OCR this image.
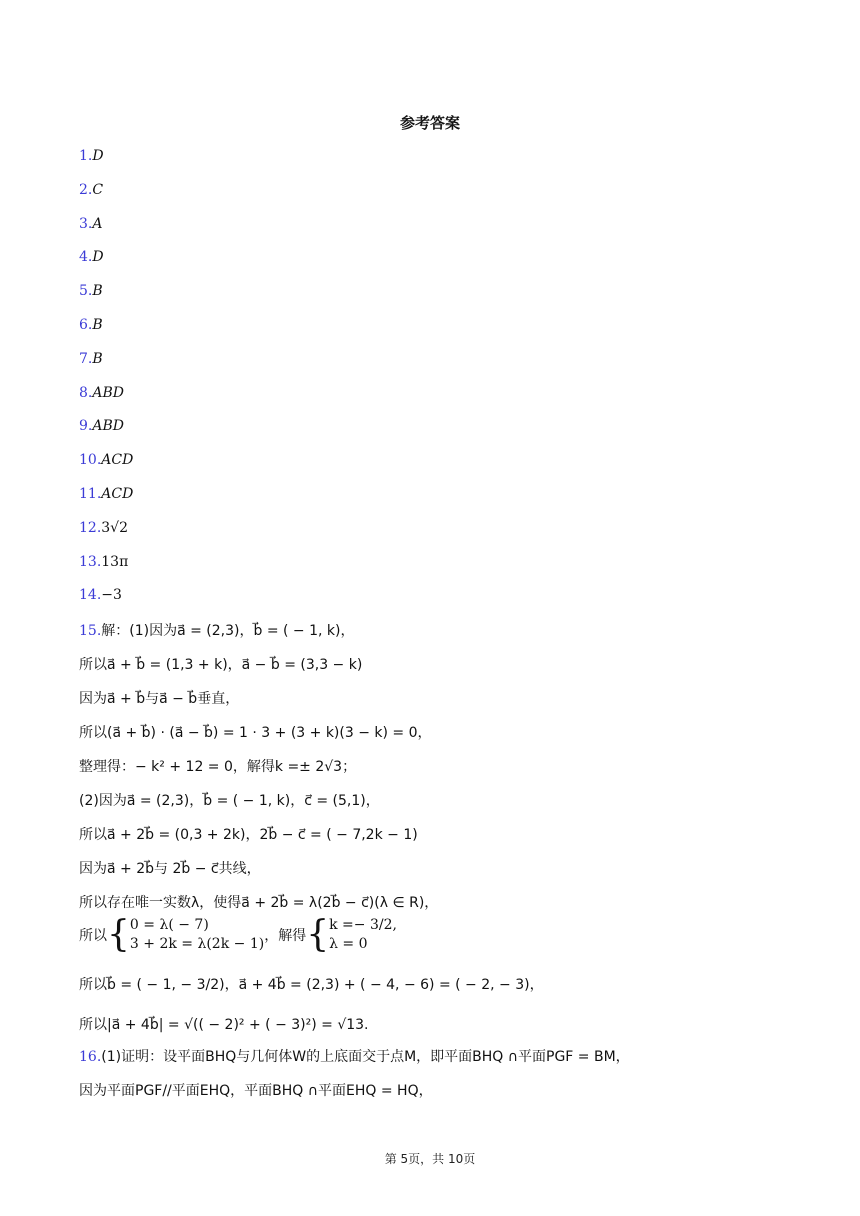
参考答案
1.D
2.C
3.A
4.D
5.B
6.B
7.B
8.ABD
9.ABD
10.ACD
11.ACD
12.3√2
13.13π
14.−3
15.解：(1)因为a⃗ = (2,3)，b⃗ = ( − 1, k)，
所以a⃗ + b⃗ = (1,3 + k)，a⃗ − b⃗ = (3,3 − k)
因为a⃗ + b⃗与a⃗ − b⃗垂直，
所以(a⃗ + b⃗) · (a⃗ − b⃗) = 1 · 3 + (3 + k)(3 − k) = 0，
整理得：− k² + 12 = 0，解得k =± 2√3；
(2)因为a⃗ = (2,3)，b⃗ = ( − 1, k)，c⃗ = (5,1)，
所以a⃗ + 2b⃗ = (0,3 + 2k)，2b⃗ − c⃗ = ( − 7,2k − 1)
因为a⃗ + 2b⃗与 2b⃗ − c⃗共线，
所以存在唯一实数λ，使得a⃗ + 2b⃗ = λ(2b⃗ − c⃗)(λ ∈ R)，
所以{0 = λ( − 7)
3 + 2k = λ(2k − 1)，解得{k =− 3/2,
λ = 0
所以b⃗ = ( − 1, − 3/2)，a⃗ + 4b⃗ = (2,3) + ( − 4, − 6) = ( − 2, − 3)，
所以|a⃗ + 4b⃗| = √(( − 2)² + ( − 3)²) = √13.
16.(1)证明：设平面BHQ与几何体W的上底面交于点M，即平面BHQ ∩平面PGF = BM，
因为平面PGF//平面EHQ，平面BHQ ∩平面EHQ = HQ，
第 5页，共 10页
